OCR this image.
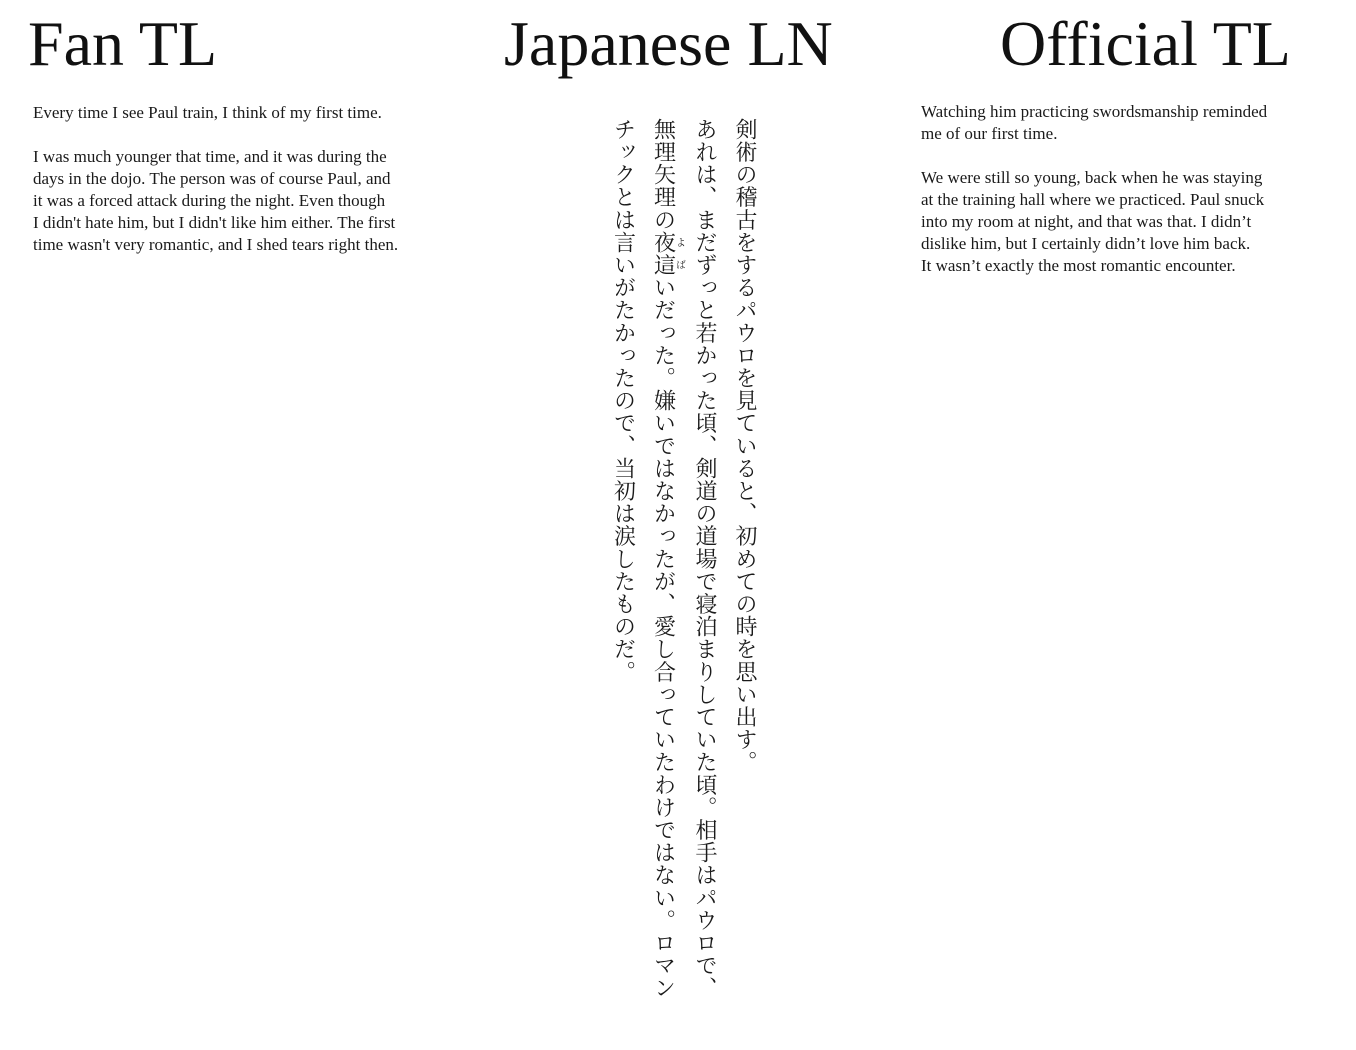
Fan TL	Japanese LN	Official TL

Every time I see Paul train, I think of my first time.

I was much younger that time, and it was during the
days in the dojo. The person was of course Paul, and
it was a forced attack during the night. Even though
I didn't hate him, but I didn't like him either. The first
time wasn't very romantic, and I shed tears right then.	剣術の稽古をするパウロを見ていると、初めての時を思い出す。

あれは、まだずっと若かった頃、剣道の道場で寝泊まりしていた頃。相手はパウロで、

無理矢理の夜這よばいだった。嫌いではなかったが、愛し合っていたわけではない。ロマン

チックとは言いがたかったので、当初は涙したものだ。

Watching him practicing swordsmanship reminded
me of our first time.

We were still so young, back when he was staying
at the training hall where we practiced. Paul snuck
into my room at night, and that was that. I didn’t
dislike him, but I certainly didn’t love him back.
It wasn’t exactly the most romantic encounter.
